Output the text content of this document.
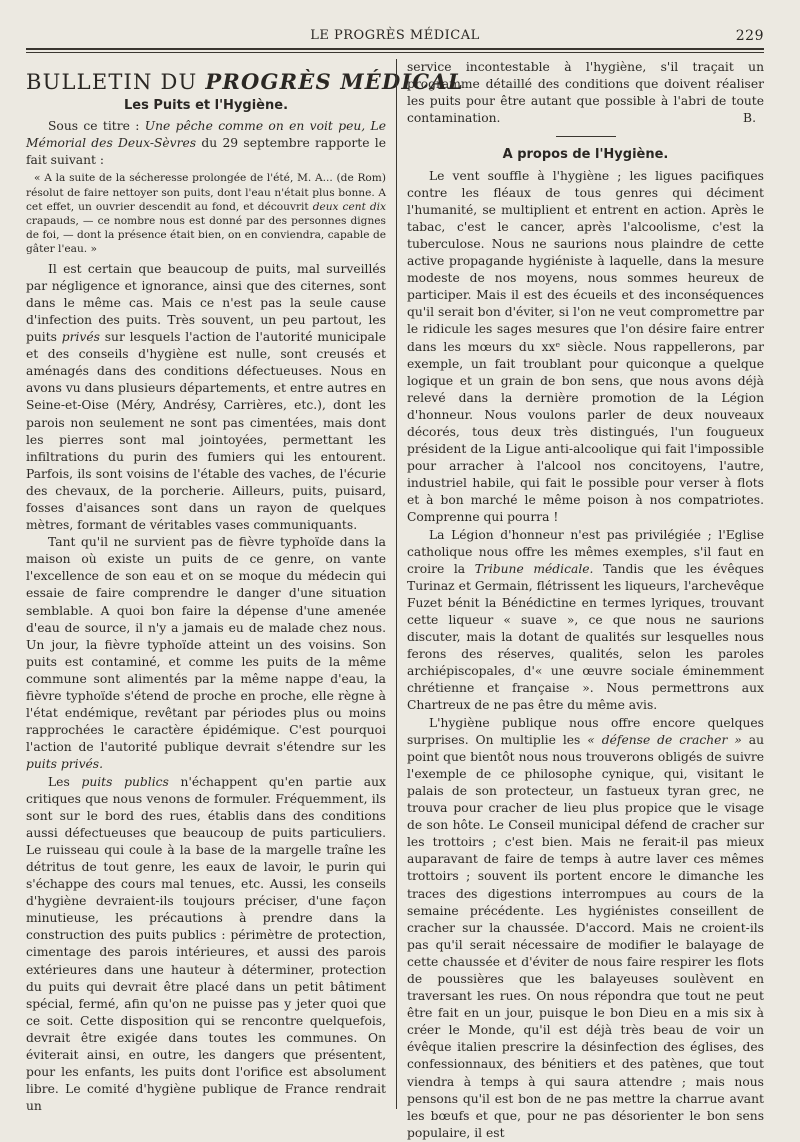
LE PROGRÈS MÉDICAL	229
BULLETIN DU PROGRÈS MÉDICAL
Les Puits et l'Hygiène.

Sous ce titre : Une pêche comme on en voit peu, Le Mémorial des Deux-Sèvres du 29 septembre rapporte le fait suivant :

« A la suite de la sécheresse prolongée de l'été, M. A... (de Rom) résolut de faire nettoyer son puits, dont l'eau n'était plus bonne. A cet effet, un ouvrier descendit au fond, et découvrit deux cent dix crapauds, — ce nombre nous est donné par des personnes dignes de foi, — dont la présence était bien, on en conviendra, capable de gâter l'eau. »

Il est certain que beaucoup de puits, mal surveillés par négligence et ignorance, ainsi que des citernes, sont dans le même cas. Mais ce n'est pas la seule cause d'infection des puits. Très souvent, un peu partout, les puits privés sur lesquels l'action de l'autorité municipale et des conseils d'hygiène est nulle, sont creusés et aménagés dans des conditions défectueuses. Nous en avons vu dans plusieurs départements, et entre autres en Seine-et-Oise (Méry, Andrésy, Carrières, etc.), dont les parois non seulement ne sont pas cimentées, mais dont les pierres sont mal jointoyées, permettant les infiltrations du purin des fumiers qui les entourent. Parfois, ils sont voisins de l'étable des vaches, de l'écurie des chevaux, de la porcherie. Ailleurs, puits, puisard, fosses d'aisances sont dans un rayon de quelques mètres, formant de véritables vases communiquants.

Tant qu'il ne survient pas de fièvre typhoïde dans la maison où existe un puits de ce genre, on vante l'excellence de son eau et on se moque du médecin qui essaie de faire comprendre le danger d'une situation semblable. A quoi bon faire la dépense d'une amenée d'eau de source, il n'y a jamais eu de malade chez nous. Un jour, la fièvre typhoïde atteint un des voisins. Son puits est contaminé, et comme les puits de la même commune sont alimentés par la même nappe d'eau, la fièvre typhoïde s'étend de proche en proche, elle règne à l'état endémique, revêtant par périodes plus ou moins rapprochées le caractère épidémique. C'est pourquoi l'action de l'autorité publique devrait s'étendre sur les puits privés.

Les puits publics n'échappent qu'en partie aux critiques que nous venons de formuler. Fréquemment, ils sont sur le bord des rues, établis dans des conditions aussi défectueuses que beaucoup de puits particuliers. Le ruisseau qui coule à la base de la margelle traîne les détritus de tout genre, les eaux de lavoir, le purin qui s'échappe des cours mal tenues, etc. Aussi, les conseils d'hygiène devraient-ils toujours préciser, d'une façon minutieuse, les précautions à prendre dans la construction des puits publics : périmètre de protection, cimentage des parois intérieures, et aussi des parois extérieures dans une hauteur à déterminer, protection du puits qui devrait être placé dans un petit bâtiment spécial, fermé, afin qu'on ne puisse pas y jeter quoi que ce soit. Cette disposition qui se rencontre quelquefois, devrait être exigée dans toutes les communes. On éviterait ainsi, en outre, les dangers que présentent, pour les enfants, les puits dont l'orifice est absolument libre. Le comité d'hygiène publique de France rendrait un

service incontestable à l'hygiène, s'il traçait un programme détaillé des conditions que doivent réaliser les puits pour être autant que possible à l'abri de toute contamination.	B.
A propos de l'Hygiène.

Le vent souffle à l'hygiène ; les ligues pacifiques contre les fléaux de tous genres qui déciment l'humanité, se multiplient et entrent en action. Après le tabac, c'est le cancer, après l'alcoolisme, c'est la tuberculose. Nous ne saurions nous plaindre de cette active propagande hygiéniste à laquelle, dans la mesure modeste de nos moyens, nous sommes heureux de participer. Mais il est des écueils et des inconséquences qu'il serait bon d'éviter, si l'on ne veut compromettre par le ridicule les sages mesures que l'on désire faire entrer dans les mœurs du xxᵉ siècle. Nous rappellerons, par exemple, un fait troublant pour quiconque a quelque logique et un grain de bon sens, que nous avons déjà relevé dans la dernière promotion de la Légion d'honneur. Nous voulons parler de deux nouveaux décorés, tous deux très distingués, l'un fougueux président de la Ligue anti-alcoolique qui fait l'impossible pour arracher à l'alcool nos concitoyens, l'autre, industriel habile, qui fait le possible pour verser à flots et à bon marché le même poison à nos compatriotes. Comprenne qui pourra !

La Légion d'honneur n'est pas privilégiée ; l'Eglise catholique nous offre les mêmes exemples, s'il faut en croire la Tribune médicale. Tandis que les évêques Turinaz et Germain, flétrissent les liqueurs, l'archevêque Fuzet bénit la Bénédictine en termes lyriques, trouvant cette liqueur « suave », ce que nous ne saurions discuter, mais la dotant de qualités sur lesquelles nous ferons des réserves, qualités, selon les paroles archiépiscopales, d'« une œuvre sociale éminemment chrétienne et française ». Nous permettrons aux Chartreux de ne pas être du même avis.

L'hygiène publique nous offre encore quelques surprises. On multiplie les « défense de cracher » au point que bientôt nous nous trouverons obligés de suivre l'exemple de ce philosophe cynique, qui, visitant le palais de son protecteur, un fastueux tyran grec, ne trouva pour cracher de lieu plus propice que le visage de son hôte. Le Conseil municipal défend de cracher sur les trottoirs ; c'est bien. Mais ne ferait-il pas mieux auparavant de faire de temps à autre laver ces mêmes trottoirs ; souvent ils portent encore le dimanche les traces des digestions interrompues au cours de la semaine précédente. Les hygiénistes conseillent de cracher sur la chaussée. D'accord. Mais ne croient-ils pas qu'il serait nécessaire de modifier le balayage de cette chaussée et d'éviter de nous faire respirer les flots de poussières que les balayeuses soulèvent en traversant les rues. On nous répondra que tout ne peut être fait en un jour, puisque le bon Dieu en a mis six à créer le Monde, qu'il est déjà très beau de voir un évêque italien prescrire la désinfection des églises, des confessionnaux, des bénitiers et des patènes, que tout viendra à temps à qui saura attendre ; mais nous pensons qu'il est bon de ne pas mettre la charrue avant les bœufs et que, pour ne pas désorienter le bon sens populaire, il est
